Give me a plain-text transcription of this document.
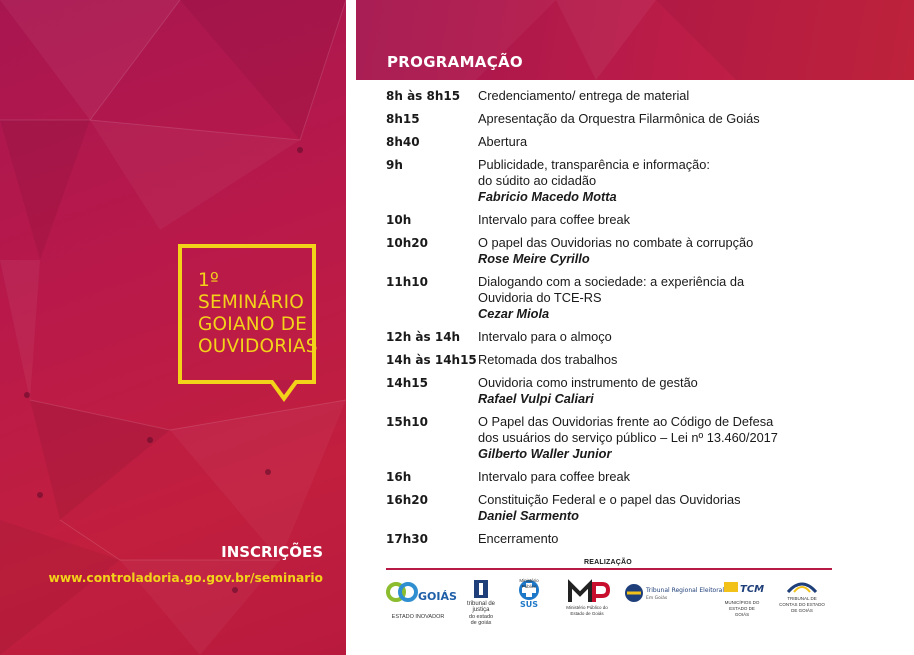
1º
SEMINÁRIO
GOIANO DE
OUVIDORIAS
INSCRIÇÕES
www.controladoria.go.gov.br/seminario
PROGRAMAÇÃO
8h às 8h15	Credenciamento/ entrega de material
8h15	Apresentação da Orquestra Filarmônica de Goiás
8h40	Abertura
9h	Publicidade, transparência e informação:
do súdito ao cidadão
Fabricio Macedo Motta
10h	Intervalo para coffee break
10h20	O papel das Ouvidorias no combate à corrupção
Rose Meire Cyrillo
11h10	Dialogando com a sociedade: a experiência da
Ouvidoria do TCE-RS
Cezar Miola
12h às 14h	Intervalo para o almoço
14h às 14h15 Retomada dos trabalhos
14h15	Ouvidoria como instrumento de gestão
Rafael Vulpi Caliari
15h10	O Papel das Ouvidorias frente ao Código de Defesa
dos usuários do serviço público – Lei nº 13.460/2017
Gilberto Waller Junior
16h	Intervalo para coffee break
16h20	Constituição Federal e o papel das Ouvidorias
Daniel Sarmento
17h30	Encerramento
REALIZAÇÃO
GOIÁS
ESTADO INOVADOR
tribunal de justiça
do estado de goiás
SUS
Ministério Público
Ministério Público do Estado de Goiás
Tribunal Regional Eleitoral
Em Goiás
TCM
MUNICÍPIOS DO ESTADO DE GOIÁS
TRIBUNAL DE CONTAS DO ESTADO DE GOIÁS
